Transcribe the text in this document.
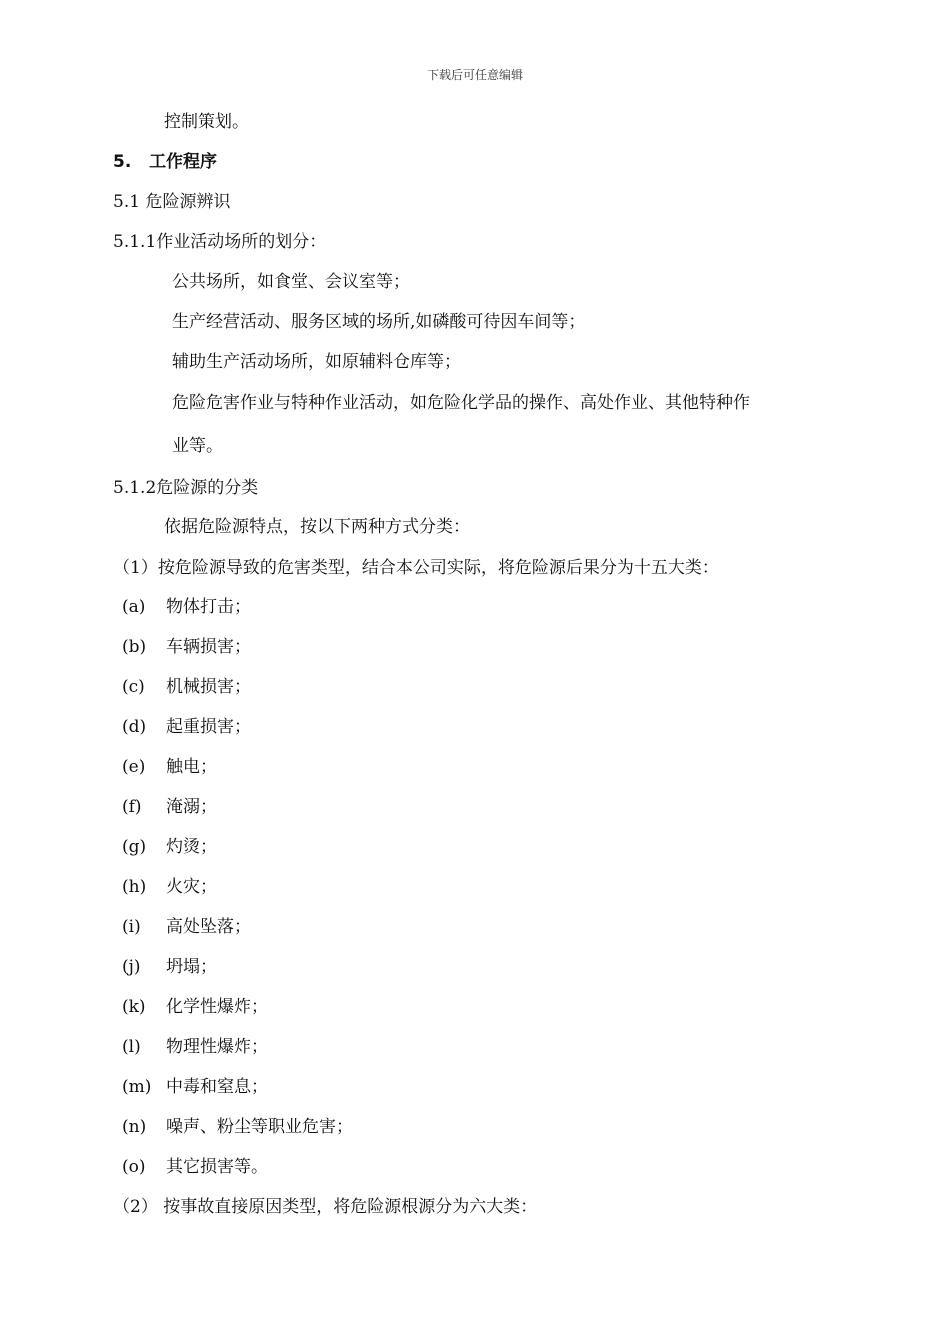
下载后可任意编辑
控制策划。
5. 工作程序
5.1 危险源辨识
5.1.1作业活动场所的划分：
公共场所，如食堂、会议室等；
生产经营活动、服务区域的场所,如磷酸可待因车间等；
辅助生产活动场所，如原辅料仓库等；
危险危害作业与特种作业活动，如危险化学品的操作、高处作业、其他特种作
业等。
5.1.2危险源的分类
依据危险源特点，按以下两种方式分类：
（1）按危险源导致的危害类型，结合本公司实际，将危险源后果分为十五大类：
(a) 物体打击；
(b) 车辆损害；
(c) 机械损害；
(d) 起重损害；
(e) 触电；
(f) 淹溺；
(g) 灼烫；
(h) 火灾；
(i) 高处坠落；
(j) 坍塌；
(k) 化学性爆炸；
(l) 物理性爆炸；
(m) 中毒和窒息；
(n) 噪声、粉尘等职业危害；
(o) 其它损害等。
（2） 按事故直接原因类型，将危险源根源分为六大类：
